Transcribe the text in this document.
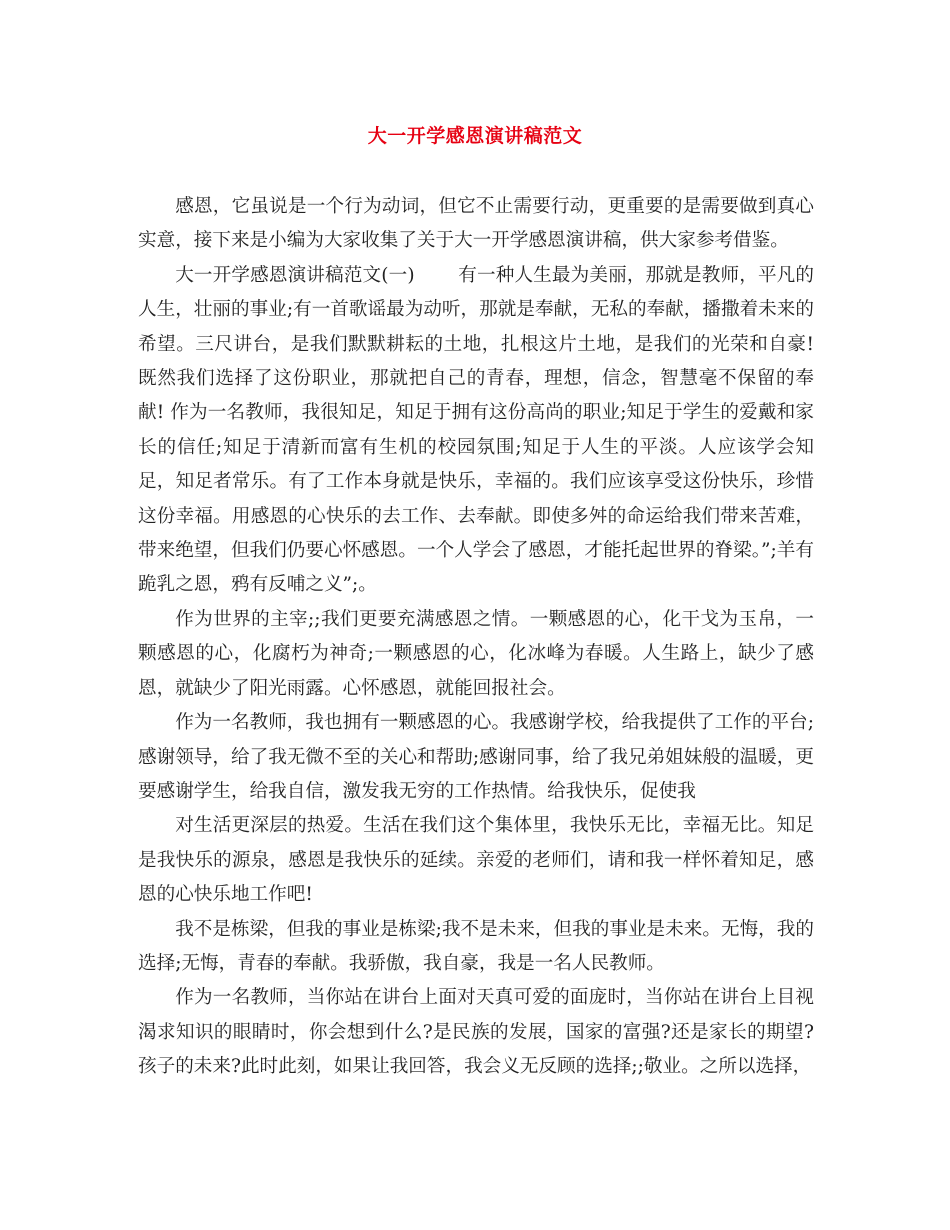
大一开学感恩演讲稿范文

感恩，它虽说是一个行为动词，但它不止需要行动，更重要的是需要做到真心实意，接下来是小编为大家收集了关于大一开学感恩演讲稿，供大家参考借鉴。

大一开学感恩演讲稿范文(一)　　 有一种人生最为美丽，那就是教师，平凡的人生，壮丽的事业;有一首歌谣最为动听，那就是奉献，无私的奉献，播撒着未来的希望。三尺讲台，是我们默默耕耘的土地，扎根这片土地，是我们的光荣和自豪!既然我们选择了这份职业，那就把自己的青春，理想，信念，智慧毫不保留的奉献! 作为一名教师，我很知足，知足于拥有这份高尚的职业;知足于学生的爱戴和家长的信任;知足于清新而富有生机的校园氛围;知足于人生的平淡。人应该学会知足，知足者常乐。有了工作本身就是快乐，幸福的。我们应该享受这份快乐，珍惜这份幸福。用感恩的心快乐的去工作、去奉献。即使多舛的命运给我们带来苦难，带来绝望，但我们仍要心怀感恩。一个人学会了感恩，才能托起世界的脊梁。”;羊有跪乳之恩，鸦有反哺之义”;。

作为世界的主宰;;我们更要充满感恩之情。一颗感恩的心，化干戈为玉帛，一颗感恩的心，化腐朽为神奇;一颗感恩的心，化冰峰为春暖。人生路上，缺少了感恩，就缺少了阳光雨露。心怀感恩，就能回报社会。

作为一名教师，我也拥有一颗感恩的心。我感谢学校，给我提供了工作的平台;感谢领导，给了我无微不至的关心和帮助;感谢同事，给了我兄弟姐妹般的温暖，更要感谢学生，给我自信，激发我无穷的工作热情。给我快乐，促使我

对生活更深层的热爱。生活在我们这个集体里，我快乐无比，幸福无比。知足是我快乐的源泉，感恩是我快乐的延续。亲爱的老师们，请和我一样怀着知足，感恩的心快乐地工作吧!

我不是栋梁，但我的事业是栋梁;我不是未来，但我的事业是未来。无悔，我的选择;无悔，青春的奉献。我骄傲，我自豪，我是一名人民教师。

作为一名教师，当你站在讲台上面对天真可爱的面庞时，当你站在讲台上目视渴求知识的眼睛时，你会想到什么?是民族的发展，国家的富强?还是家长的期望?孩子的未来?此时此刻，如果让我回答，我会义无反顾的选择;;敬业。之所以选择，
